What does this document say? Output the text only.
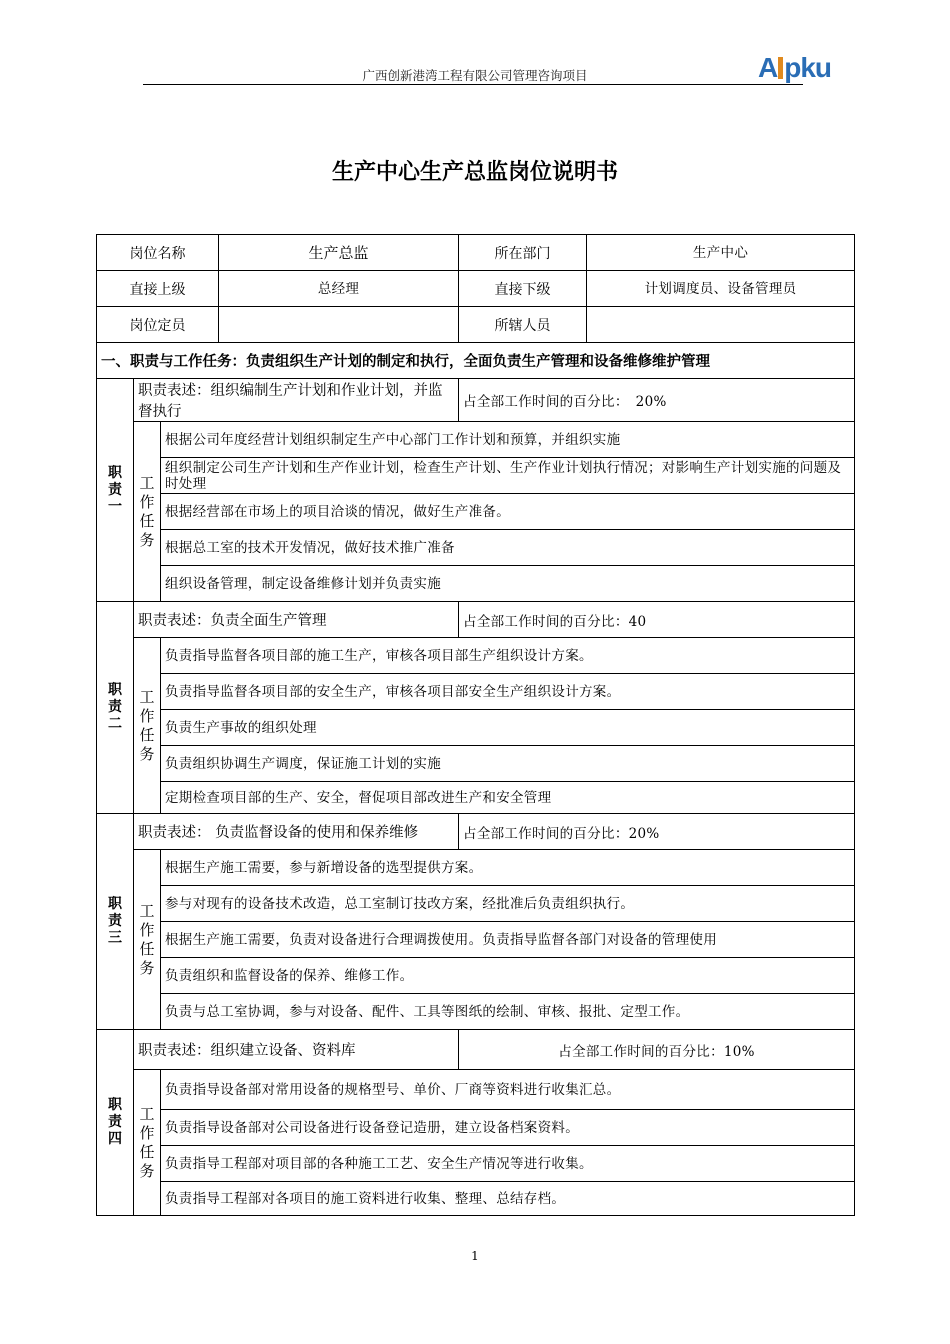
广西创新港湾工程有限公司管理咨询项目	A pku
生产中心生产总监岗位说明书
岗位名称			生产总监	所在部门	生产中心
直接上级			总经理	直接下级	计划调度员、设备管理员
岗位定员				所辖人员	
一、职责与工作任务：负责组织生产计划的制定和执行，全面负责生产管理和设备维修维护管理					

职责一	职责表述：组织编制生产计划和作业计划，并监督执行			占全部工作时间的百分比：　20%	

	工作任务	根据公司年度经营计划组织制定生产中心部门工作计划和预算，并组织实施			
		组织制定公司生产计划和生产作业计划，检查生产计划、生产作业计划执行情况；对影响生产计划实施的问题及时处理			
		根据经营部在市场上的项目洽谈的情况，做好生产准备。			
		根据总工室的技术开发情况，做好技术推广准备			
		组织设备管理，制定设备维修计划并负责实施			

职责二	职责表述：负责全面生产管理			占全部工作时间的百分比：40	

	工作任务	负责指导监督各项目部的施工生产，审核各项目部生产组织设计方案。			
		负责指导监督各项目部的安全生产，审核各项目部安全生产组织设计方案。			
		负责生产事故的组织处理			
		负责组织协调生产调度，保证施工计划的实施			
		定期检查项目部的生产、安全，督促项目部改进生产和安全管理			

职责三	职责表述： 负责监督设备的使用和保养维修			占全部工作时间的百分比：20%	

	工作任务	根据生产施工需要，参与新增设备的选型提供方案。			
		参与对现有的设备技术改造，总工室制订技改方案，经批准后负责组织执行。			
		根据生产施工需要，负责对设备进行合理调拨使用。负责指导监督各部门对设备的管理使用			
		负责组织和监督设备的保养、维修工作。			
		负责与总工室协调，参与对设备、配件、工具等图纸的绘制、审核、报批、定型工作。			

职责四	职责表述：组织建立设备、资料库			占全部工作时间的百分比：10%	

	工作任务	负责指导设备部对常用设备的规格型号、单价、厂商等资料进行收集汇总。			
		负责指导设备部对公司设备进行设备登记造册，建立设备档案资料。			
		负责指导工程部对项目部的各种施工工艺、安全生产情况等进行收集。			
		负责指导工程部对各项目的施工资料进行收集、整理、总结存档。			
1
